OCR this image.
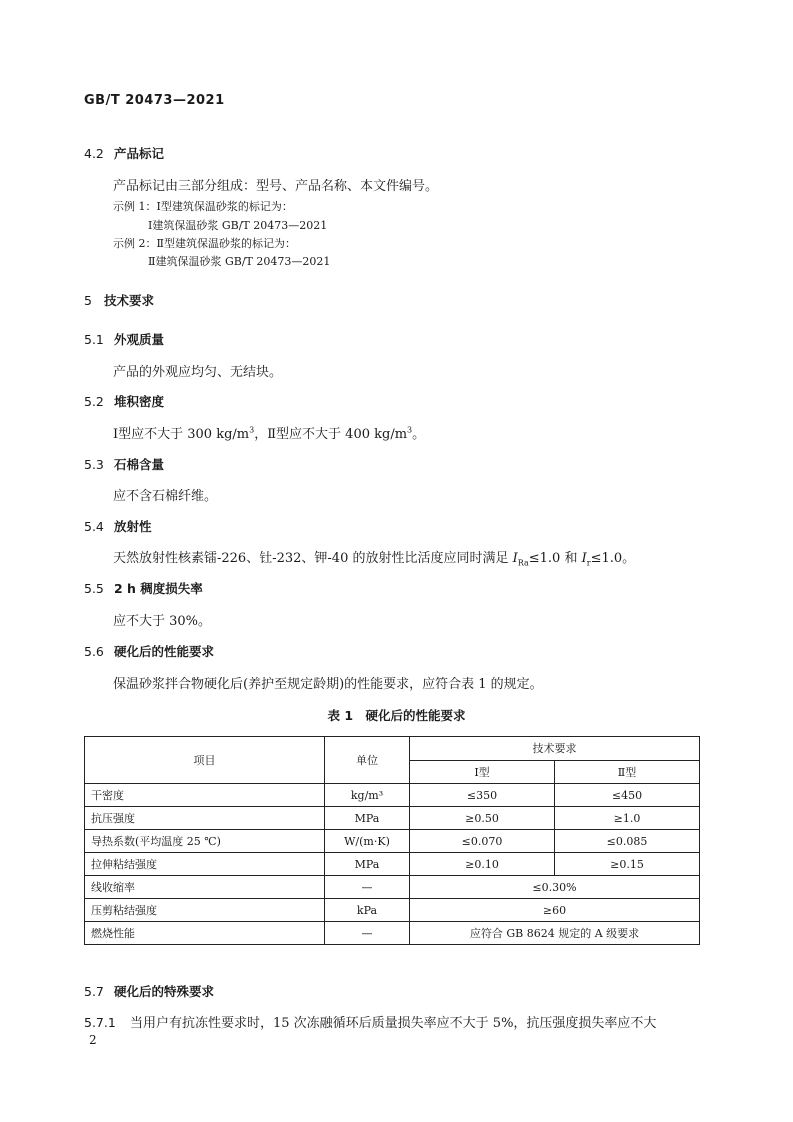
GB/T 20473—2021
4.2 产品标记
产品标记由三部分组成：型号、产品名称、本文件编号。
示例 1：Ⅰ型建筑保温砂浆的标记为：
Ⅰ建筑保温砂浆 GB/T 20473—2021
示例 2：Ⅱ型建筑保温砂浆的标记为：
Ⅱ建筑保温砂浆 GB/T 20473—2021
5 技术要求
5.1 外观质量
产品的外观应均匀、无结块。
5.2 堆积密度
Ⅰ型应不大于 300 $kg/m^3$，Ⅱ型应不大于 400 $kg/m^3$。
5.3 石棉含量
应不含石棉纤维。
5.4 放射性
天然放射性核素镭-226、钍-232、钾-40 的放射性比活度应同时满足 $I_{Ra}\le 1.0$ 和 $I_r\le 1.0$。
5.5 2 h 稠度损失率
应不大于 30%。
5.6 硬化后的性能要求
保温砂浆拌合物硬化后(养护至规定龄期)的性能要求，应符合表 1 的规定。
表 1　硬化后的性能要求
项目	单位	技术要求	
		Ⅰ型	Ⅱ型
干密度	kg/m³	≤350	≤450
抗压强度	MPa	≥0.50	≥1.0
导热系数(平均温度 25 ℃)	W/(m·K)	≤0.070	≤0.085
拉伸粘结强度	MPa	≥0.10	≥0.15
线收缩率	—	≤0.30%	
压剪粘结强度	kPa	≥60	
燃烧性能	—	应符合 GB 8624 规定的 A 级要求	
5.7 硬化后的特殊要求
5.7.1 当用户有抗冻性要求时，15 次冻融循环后质量损失率应不大于 5%，抗压强度损失率应不大
2
